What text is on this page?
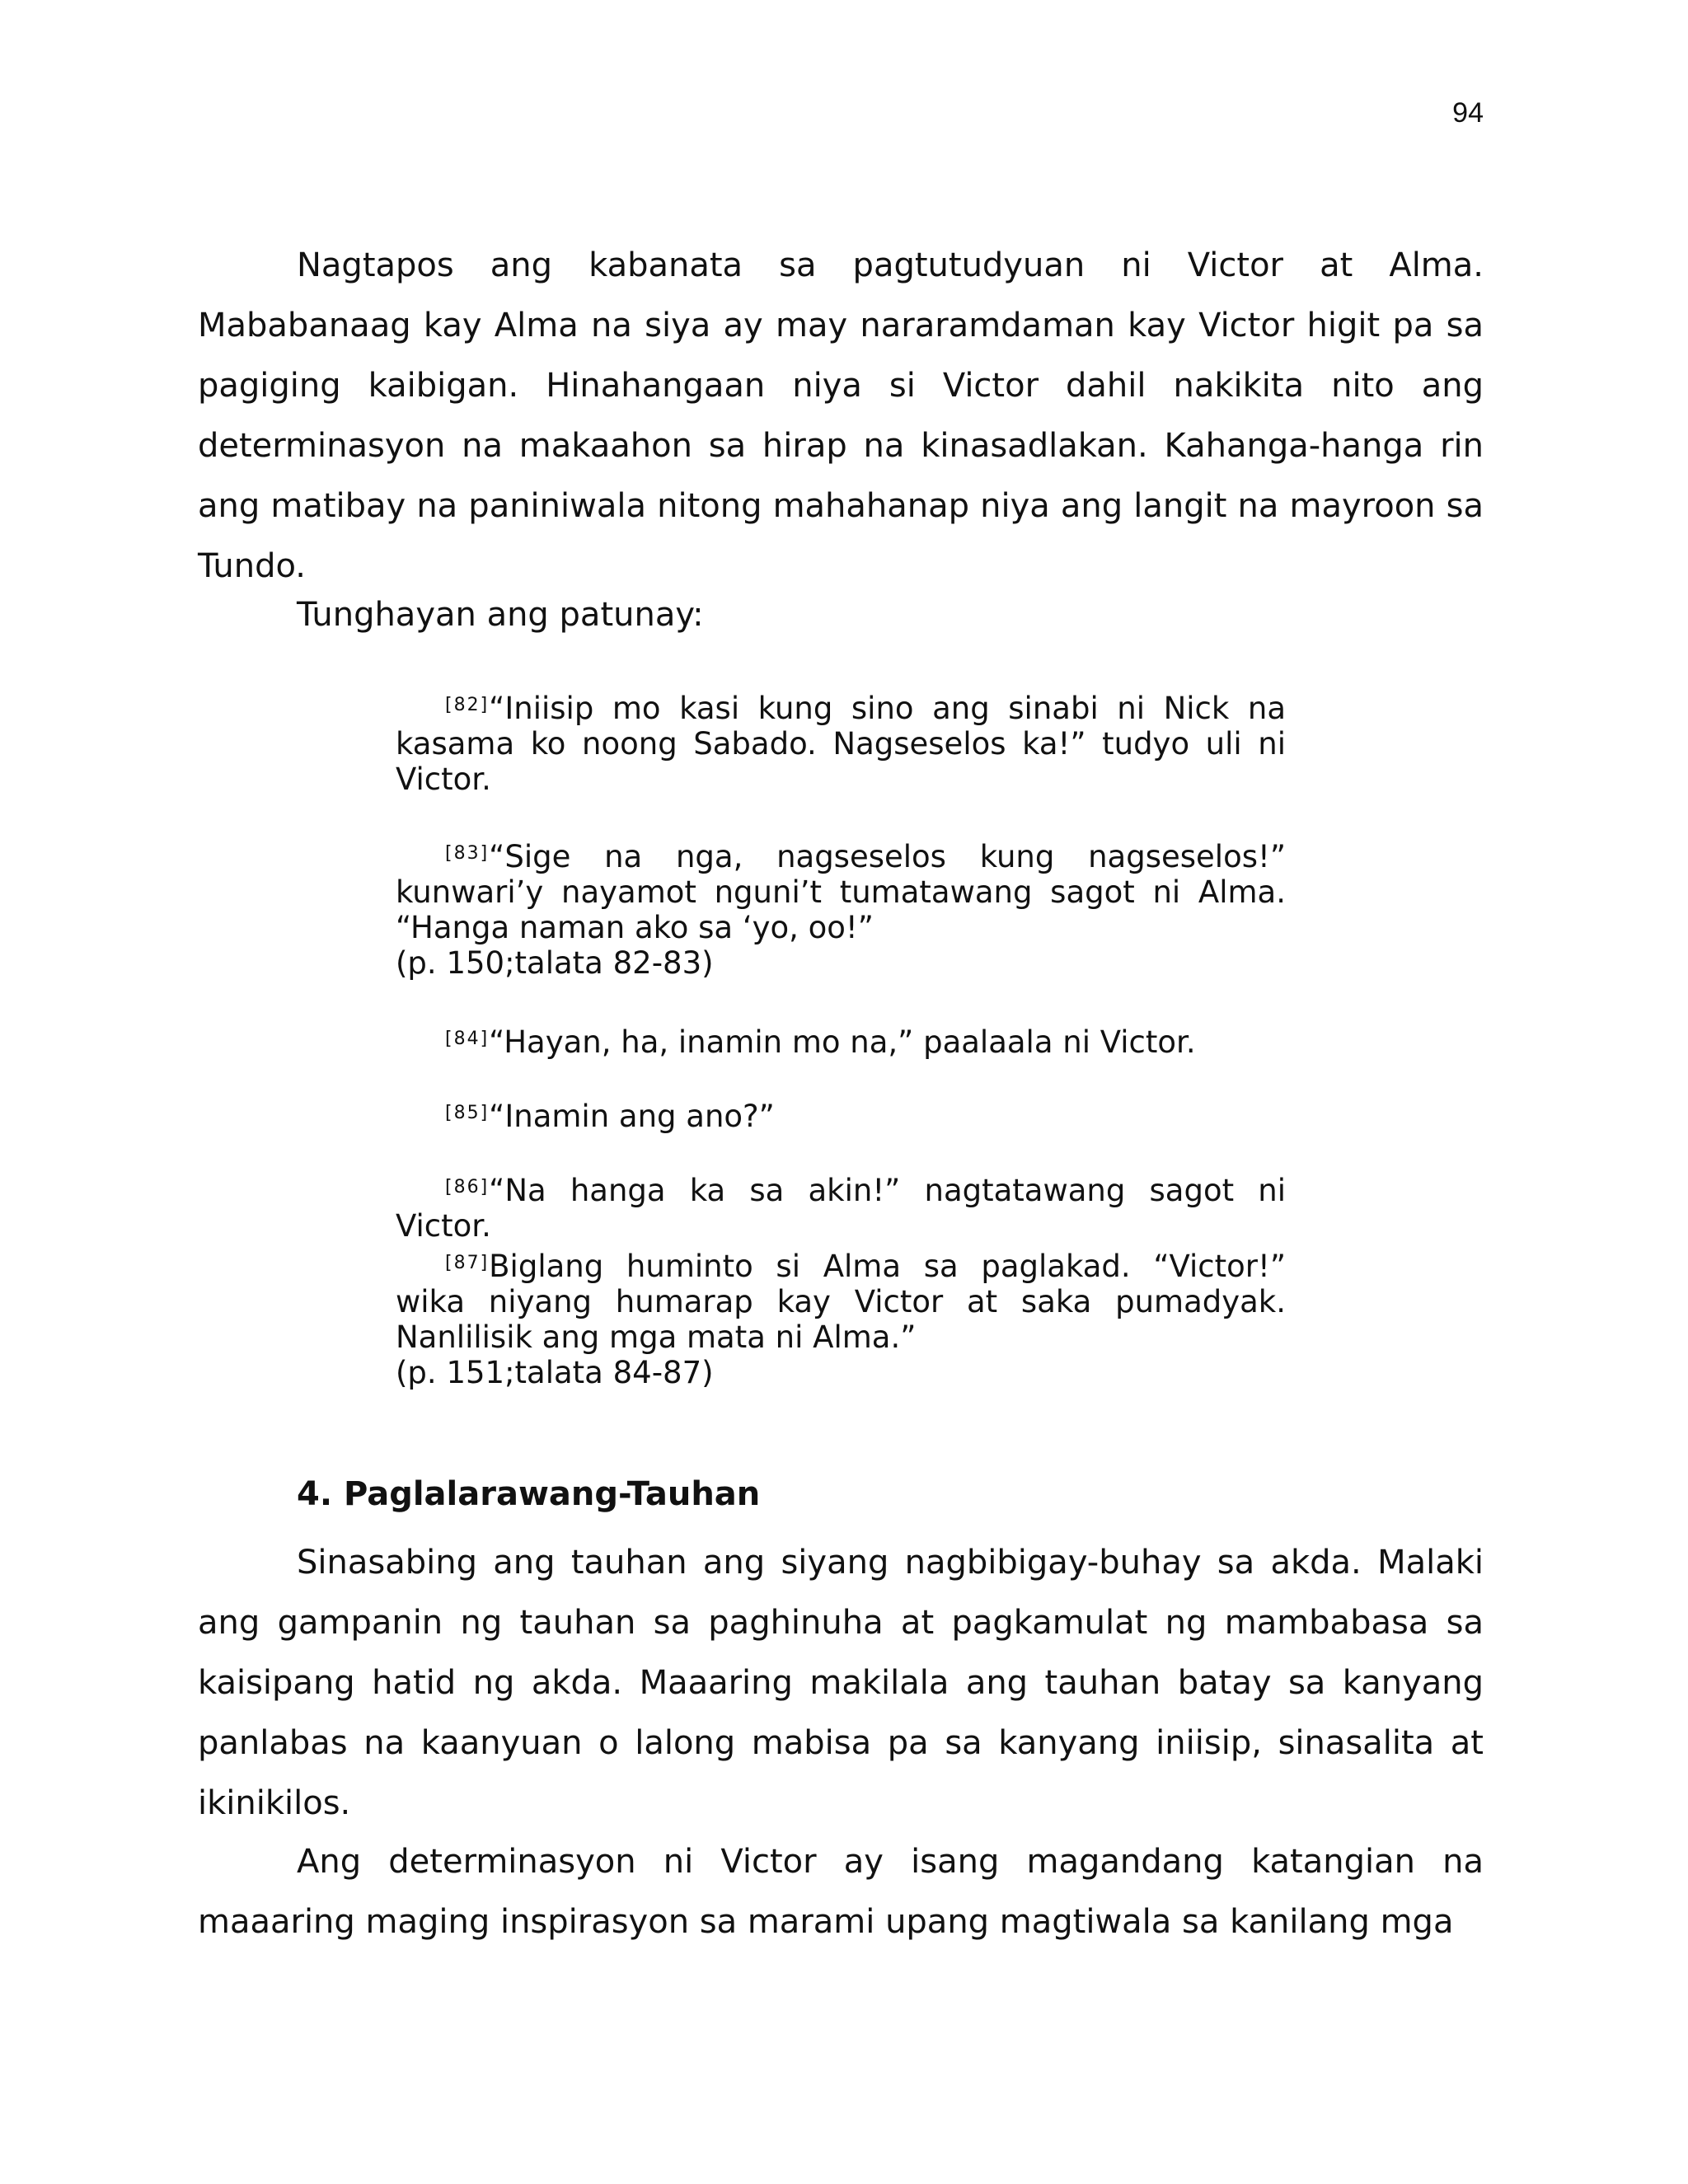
94

Nagtapos ang kabanata sa pagtutudyuan ni Victor at Alma. Mababanaag kay Alma na siya ay may nararamdaman kay Victor higit pa sa pagiging kaibigan. Hinahangaan niya si Victor dahil nakikita nito ang determinasyon na makaahon sa hirap na kinasadlakan. Kahanga-hanga rin ang matibay na paniniwala nitong mahahanap niya ang langit na mayroon sa Tundo.

Tunghayan ang patunay:

[82]“Iniisip mo kasi kung sino ang sinabi ni Nick na kasama ko noong Sabado. Nagseselos ka!” tudyo uli ni Victor.

[83]“Sige na nga, nagseselos kung nagseselos!” kunwari’y nayamot nguni’t tumatawang sagot ni Alma. “Hanga naman ako sa ‘yo, oo!”

(p. 150;talata 82-83)

[84]“Hayan, ha, inamin mo na,” paalaala ni Victor.

[85]“Inamin ang ano?”

[86]“Na hanga ka sa akin!” nagtatawang sagot ni Victor.

[87]Biglang huminto si Alma sa paglakad. “Victor!” wika niyang humarap kay Victor at saka pumadyak. Nanlilisik ang mga mata ni Alma.”

(p. 151;talata 84-87)

4. Paglalarawang-Tauhan

Sinasabing ang tauhan ang siyang nagbibigay-buhay sa akda. Malaki ang gampanin ng tauhan sa paghinuha at pagkamulat ng mambabasa sa kaisipang hatid ng akda. Maaaring makilala ang tauhan batay sa kanyang panlabas na kaanyuan o lalong mabisa pa sa kanyang iniisip, sinasalita at ikinikilos.

Ang determinasyon ni Victor ay isang magandang katangian na maaaring maging inspirasyon sa marami upang magtiwala sa kanilang mga
